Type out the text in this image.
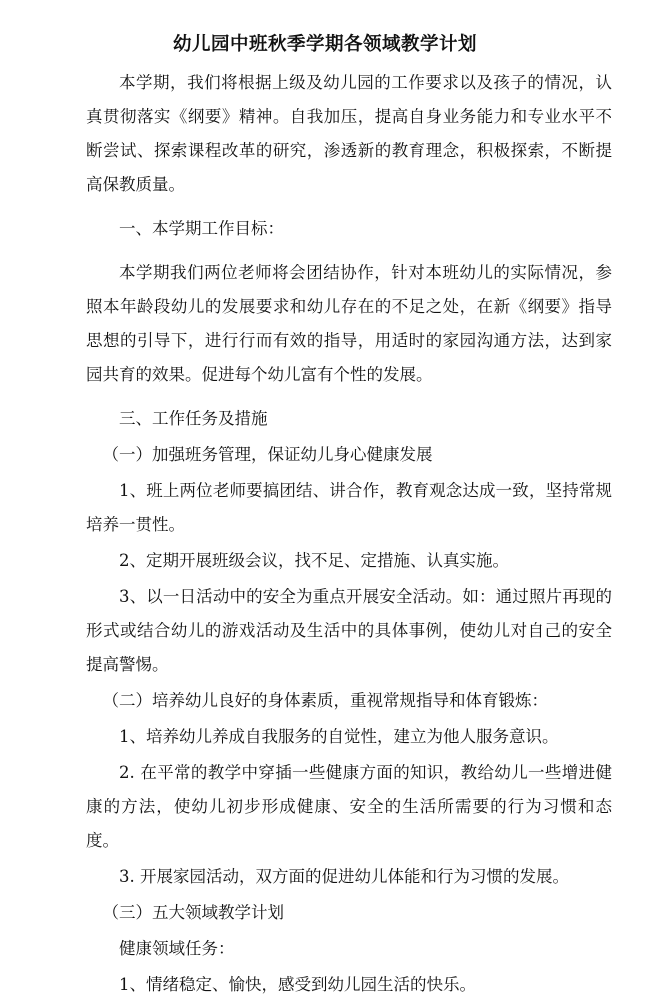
幼儿园中班秋季学期各领域教学计划

本学期，我们将根据上级及幼儿园的工作要求以及孩子的情况，认真贯彻落实《纲要》精神。自我加压，提高自身业务能力和专业水平不断尝试、探索课程改革的研究，渗透新的教育理念，积极探索，不断提高保教质量。

一、本学期工作目标：

本学期我们两位老师将会团结协作，针对本班幼儿的实际情况，参照本年龄段幼儿的发展要求和幼儿存在的不足之处，在新《纲要》指导思想的引导下，进行行而有效的指导，用适时的家园沟通方法，达到家园共育的效果。促进每个幼儿富有个性的发展。

三、工作任务及措施

（一）加强班务管理，保证幼儿身心健康发展

1、班上两位老师要搞团结、讲合作，教育观念达成一致，坚持常规培养一贯性。

2、定期开展班级会议，找不足、定措施、认真实施。

3、以一日活动中的安全为重点开展安全活动。如：通过照片再现的形式或结合幼儿的游戏活动及生活中的具体事例，使幼儿对自己的安全提高警惕。

（二）培养幼儿良好的身体素质，重视常规指导和体育锻炼：

1、培养幼儿养成自我服务的自觉性，建立为他人服务意识。

2. 在平常的教学中穿插一些健康方面的知识，教给幼儿一些增进健康的方法，使幼儿初步形成健康、安全的生活所需要的行为习惯和态度。

3. 开展家园活动，双方面的促进幼儿体能和行为习惯的发展。

（三）五大领域教学计划

健康领域任务：

1、情绪稳定、愉快，感受到幼儿园生活的快乐。
